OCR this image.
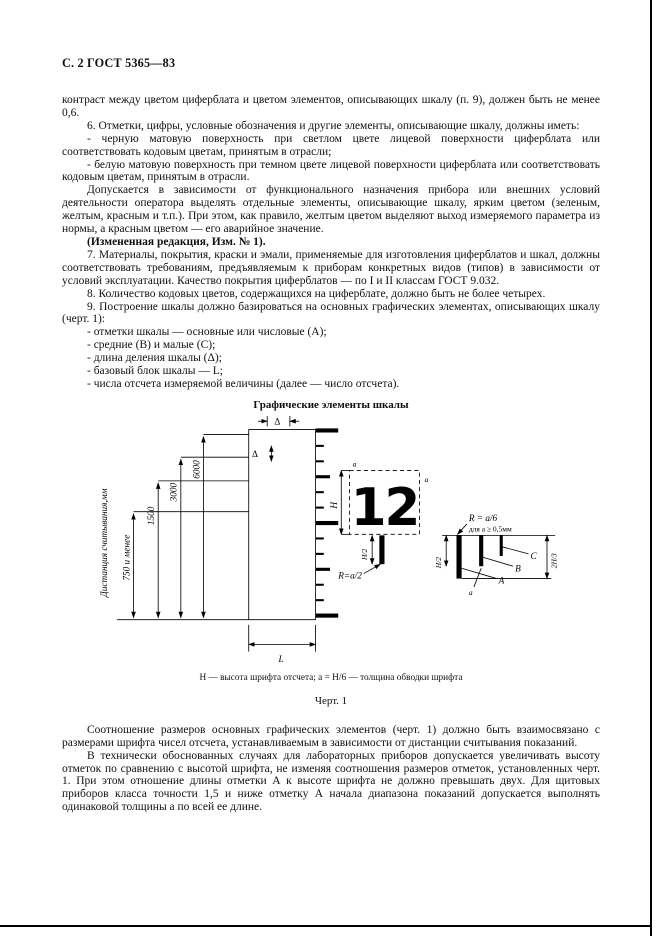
С. 2 ГОСТ 5365—83

контраст между цветом циферблата и цветом элементов, описывающих шкалу (п. 9), должен быть не менее 0,6.

6. Отметки, цифры, условные обозначения и другие элементы, описывающие шкалу, должны иметь:

- черную матовую поверхность при светлом цвете лицевой поверхности циферблата или соответствовать кодовым цветам, принятым в отрасли;

- белую матовую поверхность при темном цвете лицевой поверхности циферблата или соответствовать кодовым цветам, принятым в отрасли.

Допускается в зависимости от функционального назначения прибора или внешних условий деятельности оператора выделять отдельные элементы, описывающие шкалу, ярким цветом (зеленым, желтым, красным и т.п.). При этом, как правило, желтым цветом выделяют выход измеряемого параметра из нормы, а красным цветом — его аварийное значение.

(Измененная редакция, Изм. № 1).

7. Материалы, покрытия, краски и эмали, применяемые для изготовления циферблатов и шкал, должны соответствовать требованиям, предъявляемым к приборам конкретных видов (типов) в зависимости от условий эксплуатации. Качество покрытия циферблатов — по I и II классам ГОСТ 9.032.

8. Количество кодовых цветов, содержащихся на циферблате, должно быть не более четырех.

9. Построение шкалы должно базироваться на основных графических элементах, описывающих шкалу (черт. 1):

- отметки шкалы — основные или числовые (А);

- средние (В) и малые (С);

- длина деления шкалы (Δ);

- базовый блок шкалы — L;

- числа отсчета измеряемой величины (далее — число отсчета).

Графические элементы шкалы
Дистанция считывания,мм 750 и менее
1500
3000
6000
Δ
Δ
L
12
Н
а
а
Н/2
R=a/2
R = a/6
для а ≥ 0,5мм
А
В
С 2Н/3
Н/2
а
Н — высота шрифта отсчета; а = Н/6 — толщина обводки шрифта
Черт. 1

Соотношение размеров основных графических элементов (черт. 1) должно быть взаимосвязано с размерами шрифта чисел отсчета, устанавливаемым в зависимости от дистанции считывания показаний.

В технически обоснованных случаях для лабораторных приборов допускается увеличивать высоту отметок по сравнению с высотой шрифта, не изменяя соотношения размеров отметок, установленных черт. 1. При этом отношение длины отметки А к высоте шрифта не должно превышать двух. Для щитовых приборов класса точности 1,5 и ниже отметку А начала диапазона показаний допускается выполнять одинаковой толщины а по всей ее длине.
